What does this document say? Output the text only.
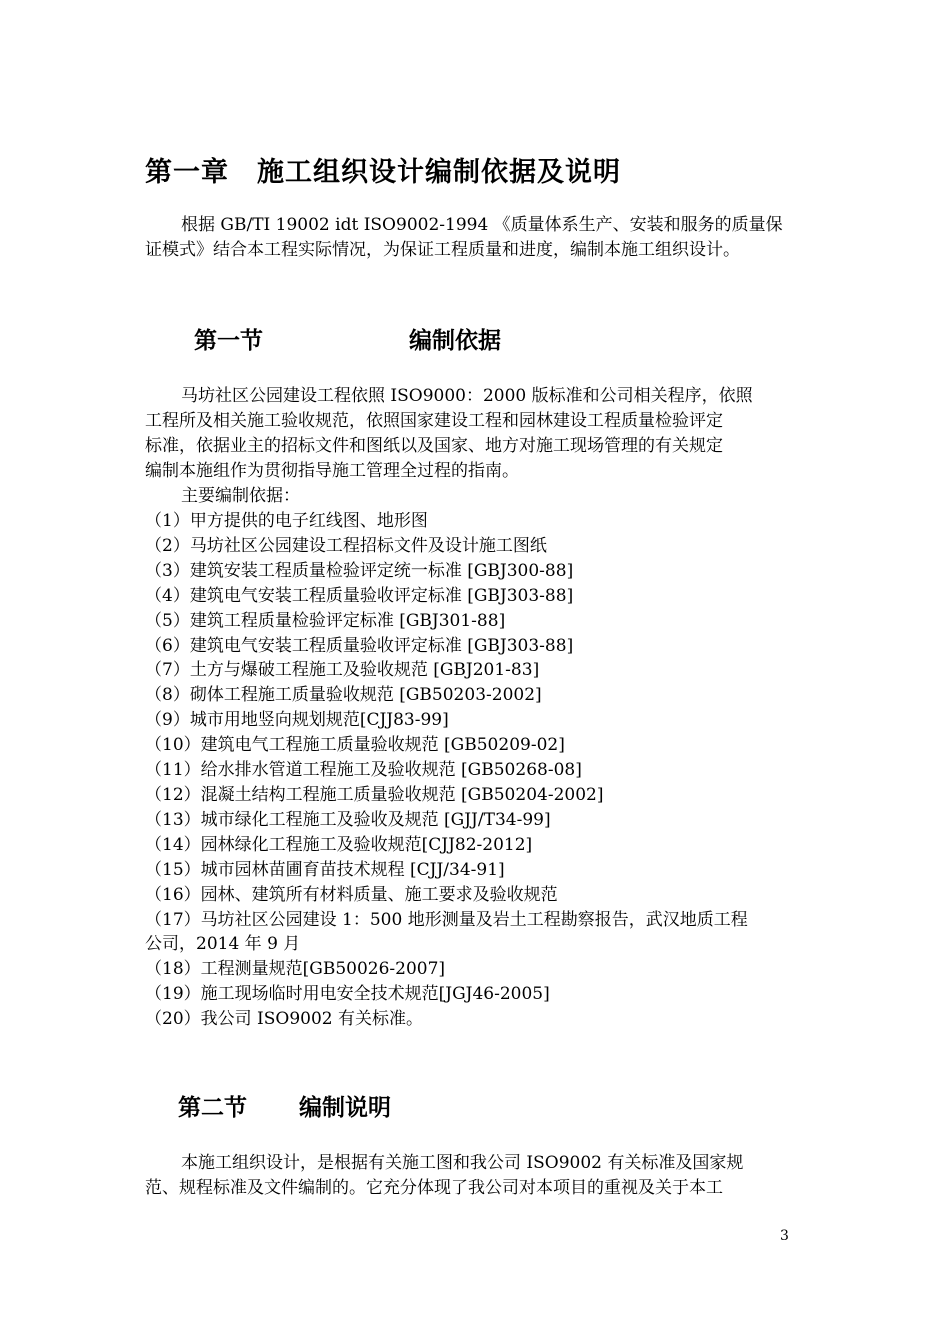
第一章 施工组织设计编制依据及说明
根据 GB/TI 19002 idt ISO9002-1994 《质量体系生产、安装和服务的质量保
证模式》结合本工程实际情况，为保证工程质量和进度，编制本施工组织设计。
第一节	编制依据
马坊社区公园建设工程依照 ISO9000：2000 版标准和公司相关程序，依照
工程所及相关施工验收规范，依照国家建设工程和园林建设工程质量检验评定
标准，依据业主的招标文件和图纸以及国家、地方对施工现场管理的有关规定
编制本施组作为贯彻指导施工管理全过程的指南。
主要编制依据：
（1）甲方提供的电子红线图、地形图
（2）马坊社区公园建设工程招标文件及设计施工图纸
（3）建筑安装工程质量检验评定统一标准 [GBJ300-88]
（4）建筑电气安装工程质量验收评定标准 [GBJ303-88]
（5）建筑工程质量检验评定标准 [GBJ301-88]
（6）建筑电气安装工程质量验收评定标准 [GBJ303-88]
（7）土方与爆破工程施工及验收规范 [GBJ201-83]
（8）砌体工程施工质量验收规范 [GB50203-2002]
（9）城市用地竖向规划规范[CJJ83-99]
（10）建筑电气工程施工质量验收规范 [GB50209-02]
（11）给水排水管道工程施工及验收规范 [GB50268-08]
（12）混凝土结构工程施工质量验收规范 [GB50204-2002]
（13）城市绿化工程施工及验收及规范 [GJJ/T34-99]
（14）园林绿化工程施工及验收规范[CJJ82-2012]
（15）城市园林苗圃育苗技术规程 [CJJ/34-91]
（16）园林、建筑所有材料质量、施工要求及验收规范
（17）马坊社区公园建设 1：500 地形测量及岩土工程勘察报告，武汉地质工程
公司，2014 年 9 月
（18）工程测量规范[GB50026-2007]
（19）施工现场临时用电安全技术规范[JGJ46-2005]
（20）我公司 ISO9002 有关标准。
第二节 编制说明
本施工组织设计，是根据有关施工图和我公司 ISO9002 有关标准及国家规
范、规程标准及文件编制的。它充分体现了我公司对本项目的重视及关于本工
3
